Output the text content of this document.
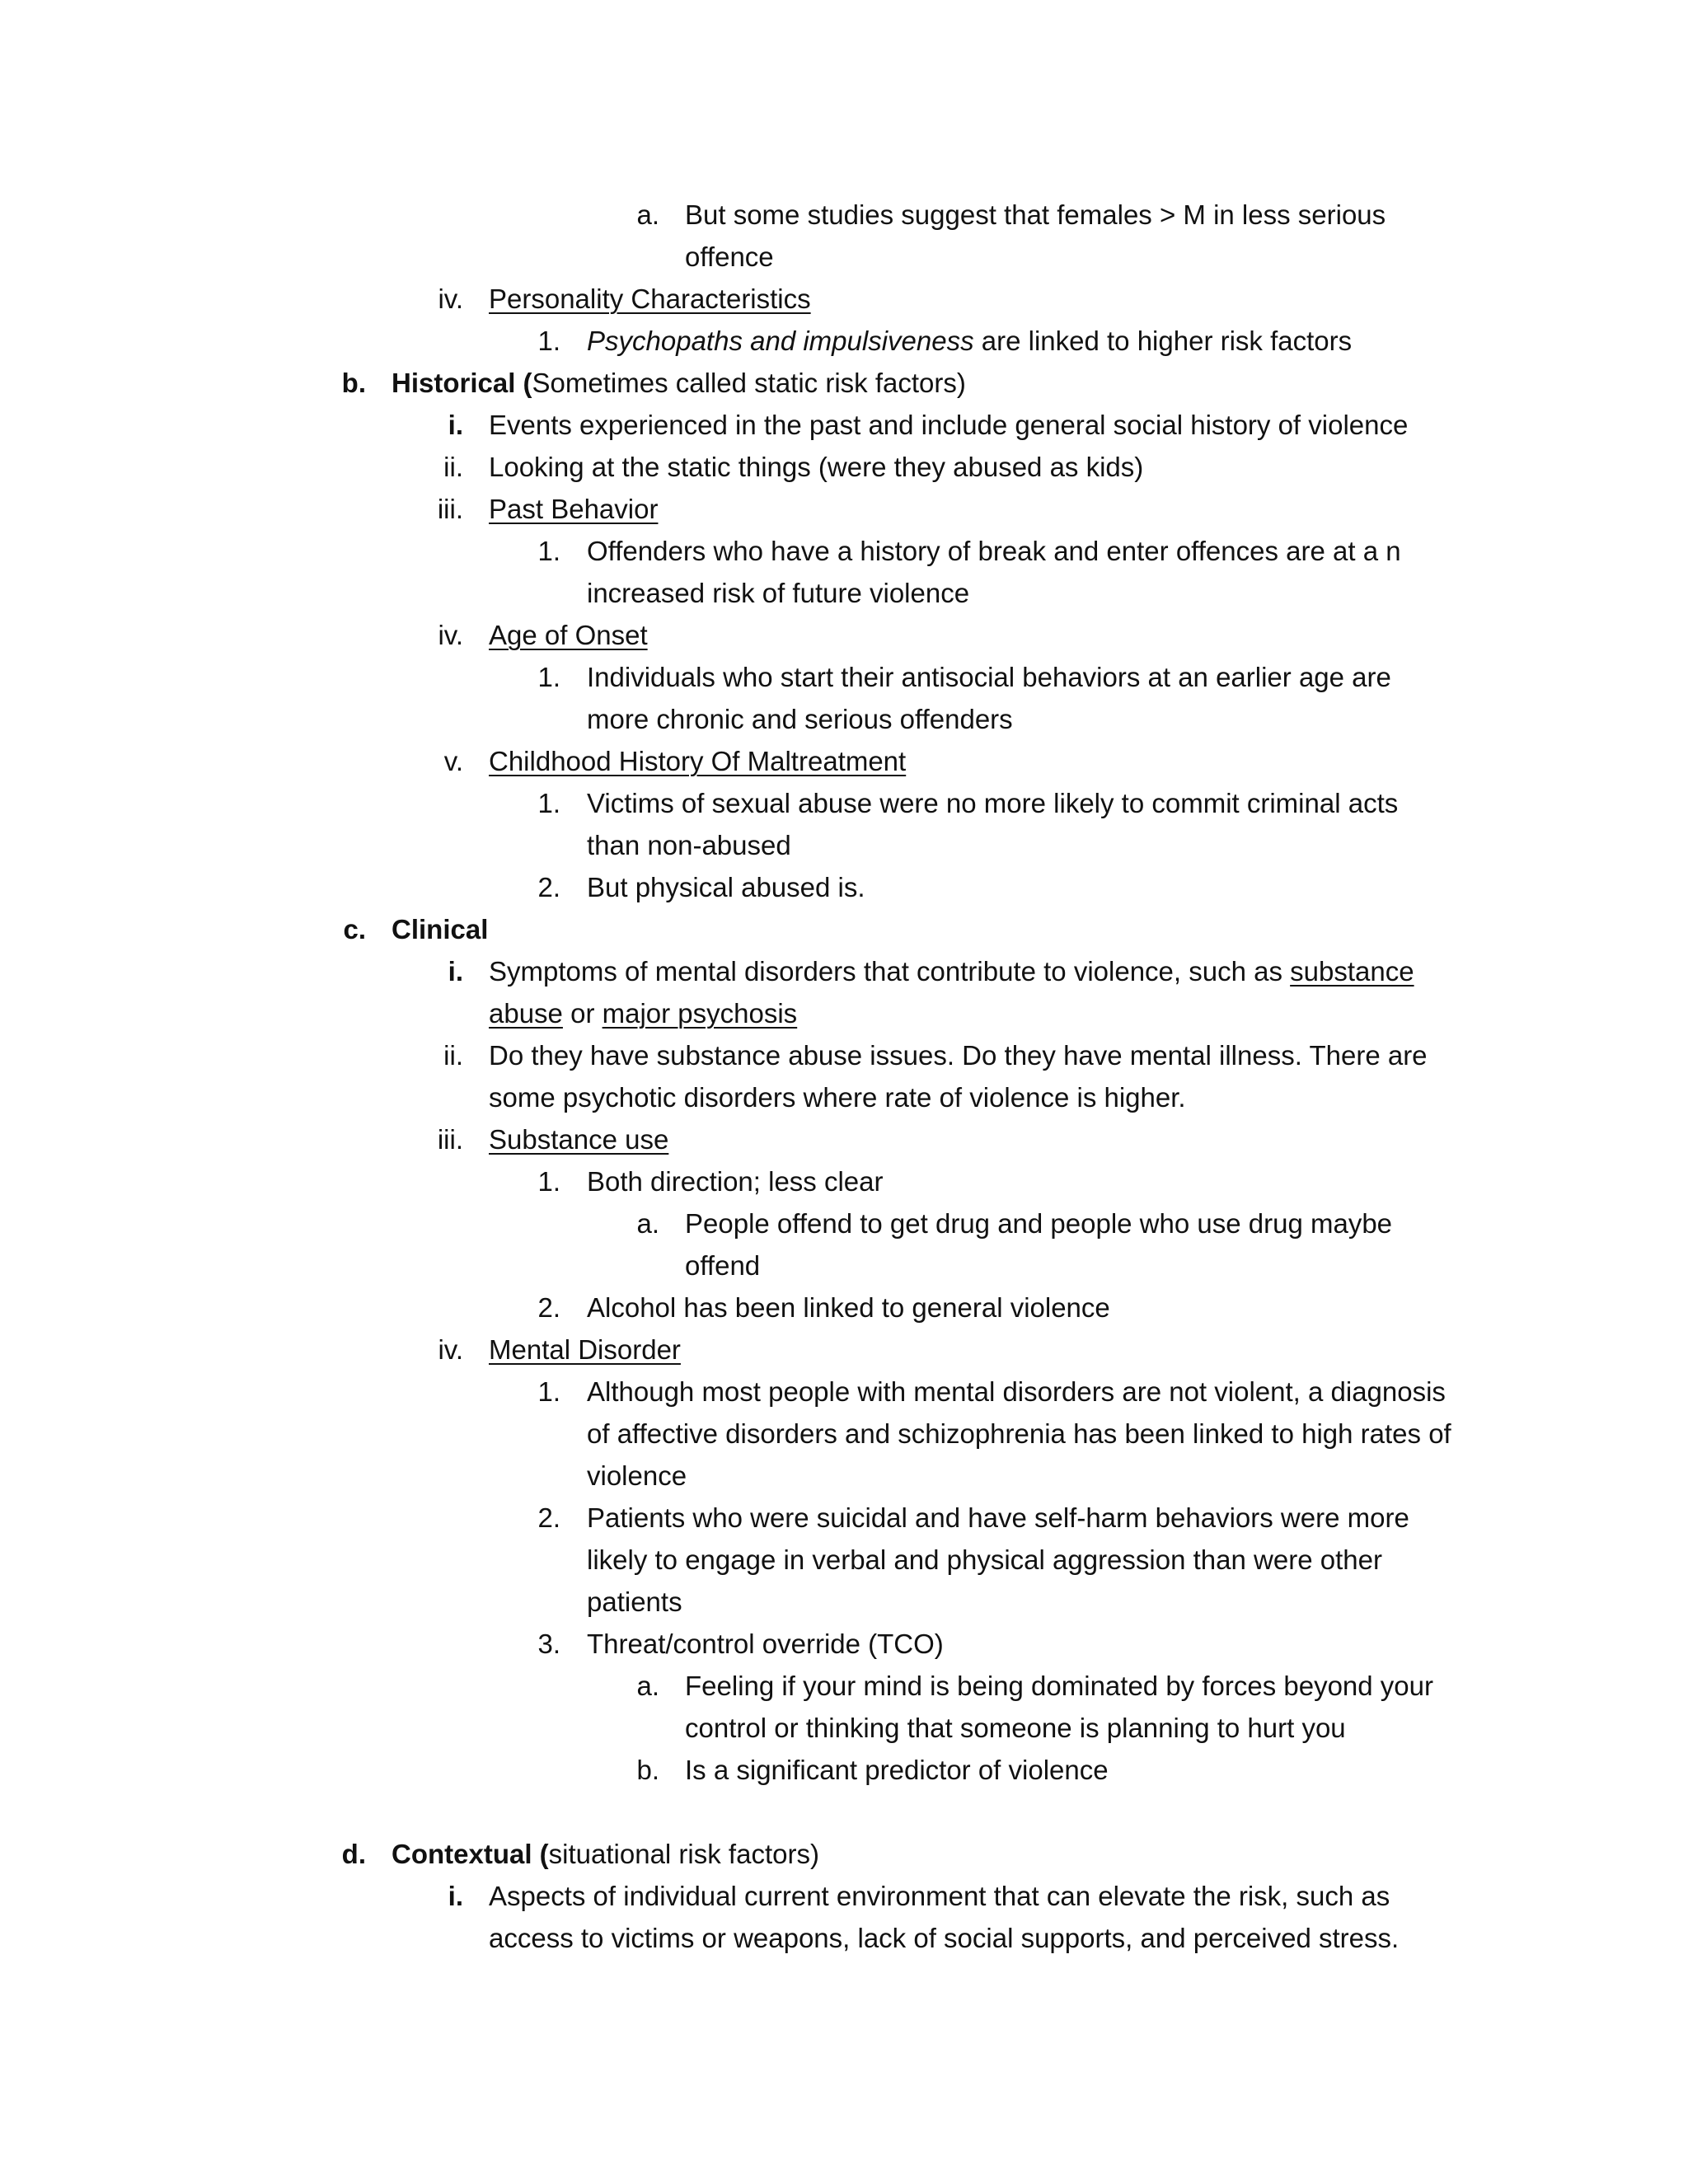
a. But some studies suggest that females > M in less serious
offence
iv. Personality Characteristics
1. Psychopaths and impulsiveness are linked to higher risk factors
b. Historical (Sometimes called static risk factors)
i. Events experienced in the past and include general social history of violence
ii. Looking at the static things (were they abused as kids)
iii. Past Behavior
1. Offenders who have a history of break and enter offences are at a n
increased risk of future violence
iv. Age of Onset
1. Individuals who start their antisocial behaviors at an earlier age are
more chronic and serious offenders
v. Childhood History Of Maltreatment
1. Victims of sexual abuse were no more likely to commit criminal acts
than non-abused
2. But physical abused is.
c. Clinical
i. Symptoms of mental disorders that contribute to violence, such as substance
abuse or major psychosis
ii. Do they have substance abuse issues. Do they have mental illness. There are
some psychotic disorders where rate of violence is higher.
iii. Substance use
1. Both direction; less clear
a. People offend to get drug and people who use drug maybe
offend
2. Alcohol has been linked to general violence
iv. Mental Disorder
1. Although most people with mental disorders are not violent, a diagnosis
of affective disorders and schizophrenia has been linked to high rates of
violence
2. Patients who were suicidal and have self-harm behaviors were more
likely to engage in verbal and physical aggression than were other
patients
3. Threat/control override (TCO)
a. Feeling if your mind is being dominated by forces beyond your
control or thinking that someone is planning to hurt you
b. Is a significant predictor of violence
d. Contextual (situational risk factors)
i. Aspects of individual current environment that can elevate the risk, such as
access to victims or weapons, lack of social supports, and perceived stress.
